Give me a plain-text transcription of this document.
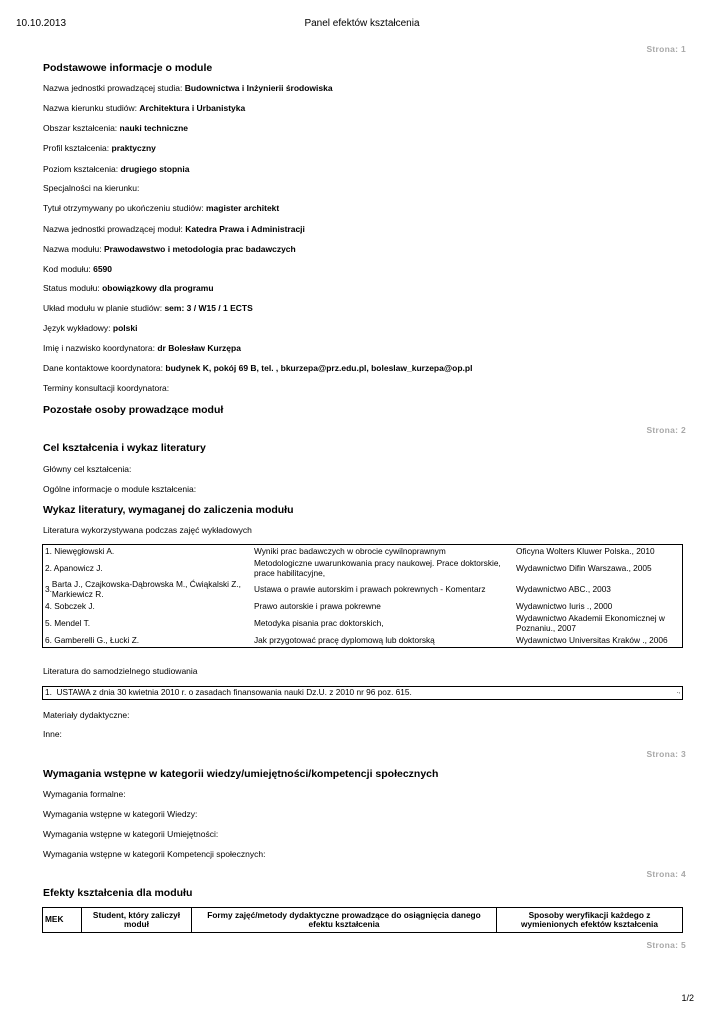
10.10.2013	Panel efektów kształcenia
Strona: 1
Podstawowe informacje o module
Nazwa jednostki prowadzącej studia: Budownictwa i Inżynierii środowiska
Nazwa kierunku studiów: Architektura i Urbanistyka
Obszar kształcenia: nauki techniczne
Profil kształcenia: praktyczny
Poziom kształcenia: drugiego stopnia
Specjalności na kierunku:
Tytuł otrzymywany po ukończeniu studiów: magister architekt
Nazwa jednostki prowadzącej moduł: Katedra Prawa i Administracji
Nazwa modułu: Prawodawstwo i metodologia prac badawczych
Kod modułu: 6590
Status modułu: obowiązkowy dla programu
Układ modułu w planie studiów: sem: 3 / W15 / 1 ECTS
Język wykładowy: polski
Imię i nazwisko koordynatora: dr Bolesław Kurzępa
Dane kontaktowe koordynatora: budynek K, pokój 69 B, tel. , bkurzepa@prz.edu.pl, boleslaw_kurzepa@op.pl
Terminy konsultacji koordynatora:
Pozostałe osoby prowadzące moduł
Strona: 2
Cel kształcenia i wykaz literatury
Główny cel kształcenia:
Ogólne informacje o module kształcenia:
Wykaz literatury, wymaganej do zaliczenia modułu
Literatura wykorzystywana podczas zajęć wykładowych
1. Niewęgłowski A.	Wyniki prac badawczych w obrocie cywilnoprawnym	Oficyna Wolters Kluwer Polska., 2010
2. Apanowicz J.	Metodologiczne uwarunkowania pracy naukowej. Prace doktorskie, prace habilitacyjne,	Wydawnictwo Difin Warszawa., 2005
3.Barta J., Czajkowska-Dąbrowska M., Ćwiąkalski Z., Markiewicz R.	Ustawa o prawie autorskim i prawach pokrewnych - Komentarz	Wydawnictwo ABC., 2003
4. Sobczek J.	Prawo autorskie i prawa pokrewne	Wydawnictwo Iuris ., 2000
5. Mendel T.	Metodyka pisania prac doktorskich,	Wydawnictwo Akademii Ekonomicznej w Poznaniu., 2007
6. Gamberelli G., Łucki Z.	Jak przygotować pracę dyplomową lub doktorską	Wydawnictwo Universitas Kraków ., 2006
Literatura do samodzielnego studiowania
1. USTAWA z dnia 30 kwietnia 2010 r. o zasadach finansowania nauki Dz.U. z 2010 nr 96 poz. 615.	.,
Materiały dydaktyczne:
Inne:
Strona: 3
Wymagania wstępne w kategorii wiedzy/umiejętności/kompetencji społecznych
Wymagania formalne:
Wymagania wstępne w kategorii Wiedzy:
Wymagania wstępne w kategorii Umiejętności:
Wymagania wstępne w kategorii Kompetencji społecznych:
Strona: 4
Efekty kształcenia dla modułu
MEK	Student, który zaliczył moduł	Formy zajęć/metody dydaktyczne prowadzące do osiągnięcia danego efektu kształcenia	Sposoby weryfikacji każdego z wymienionych efektów kształcenia
Strona: 5
1/2
